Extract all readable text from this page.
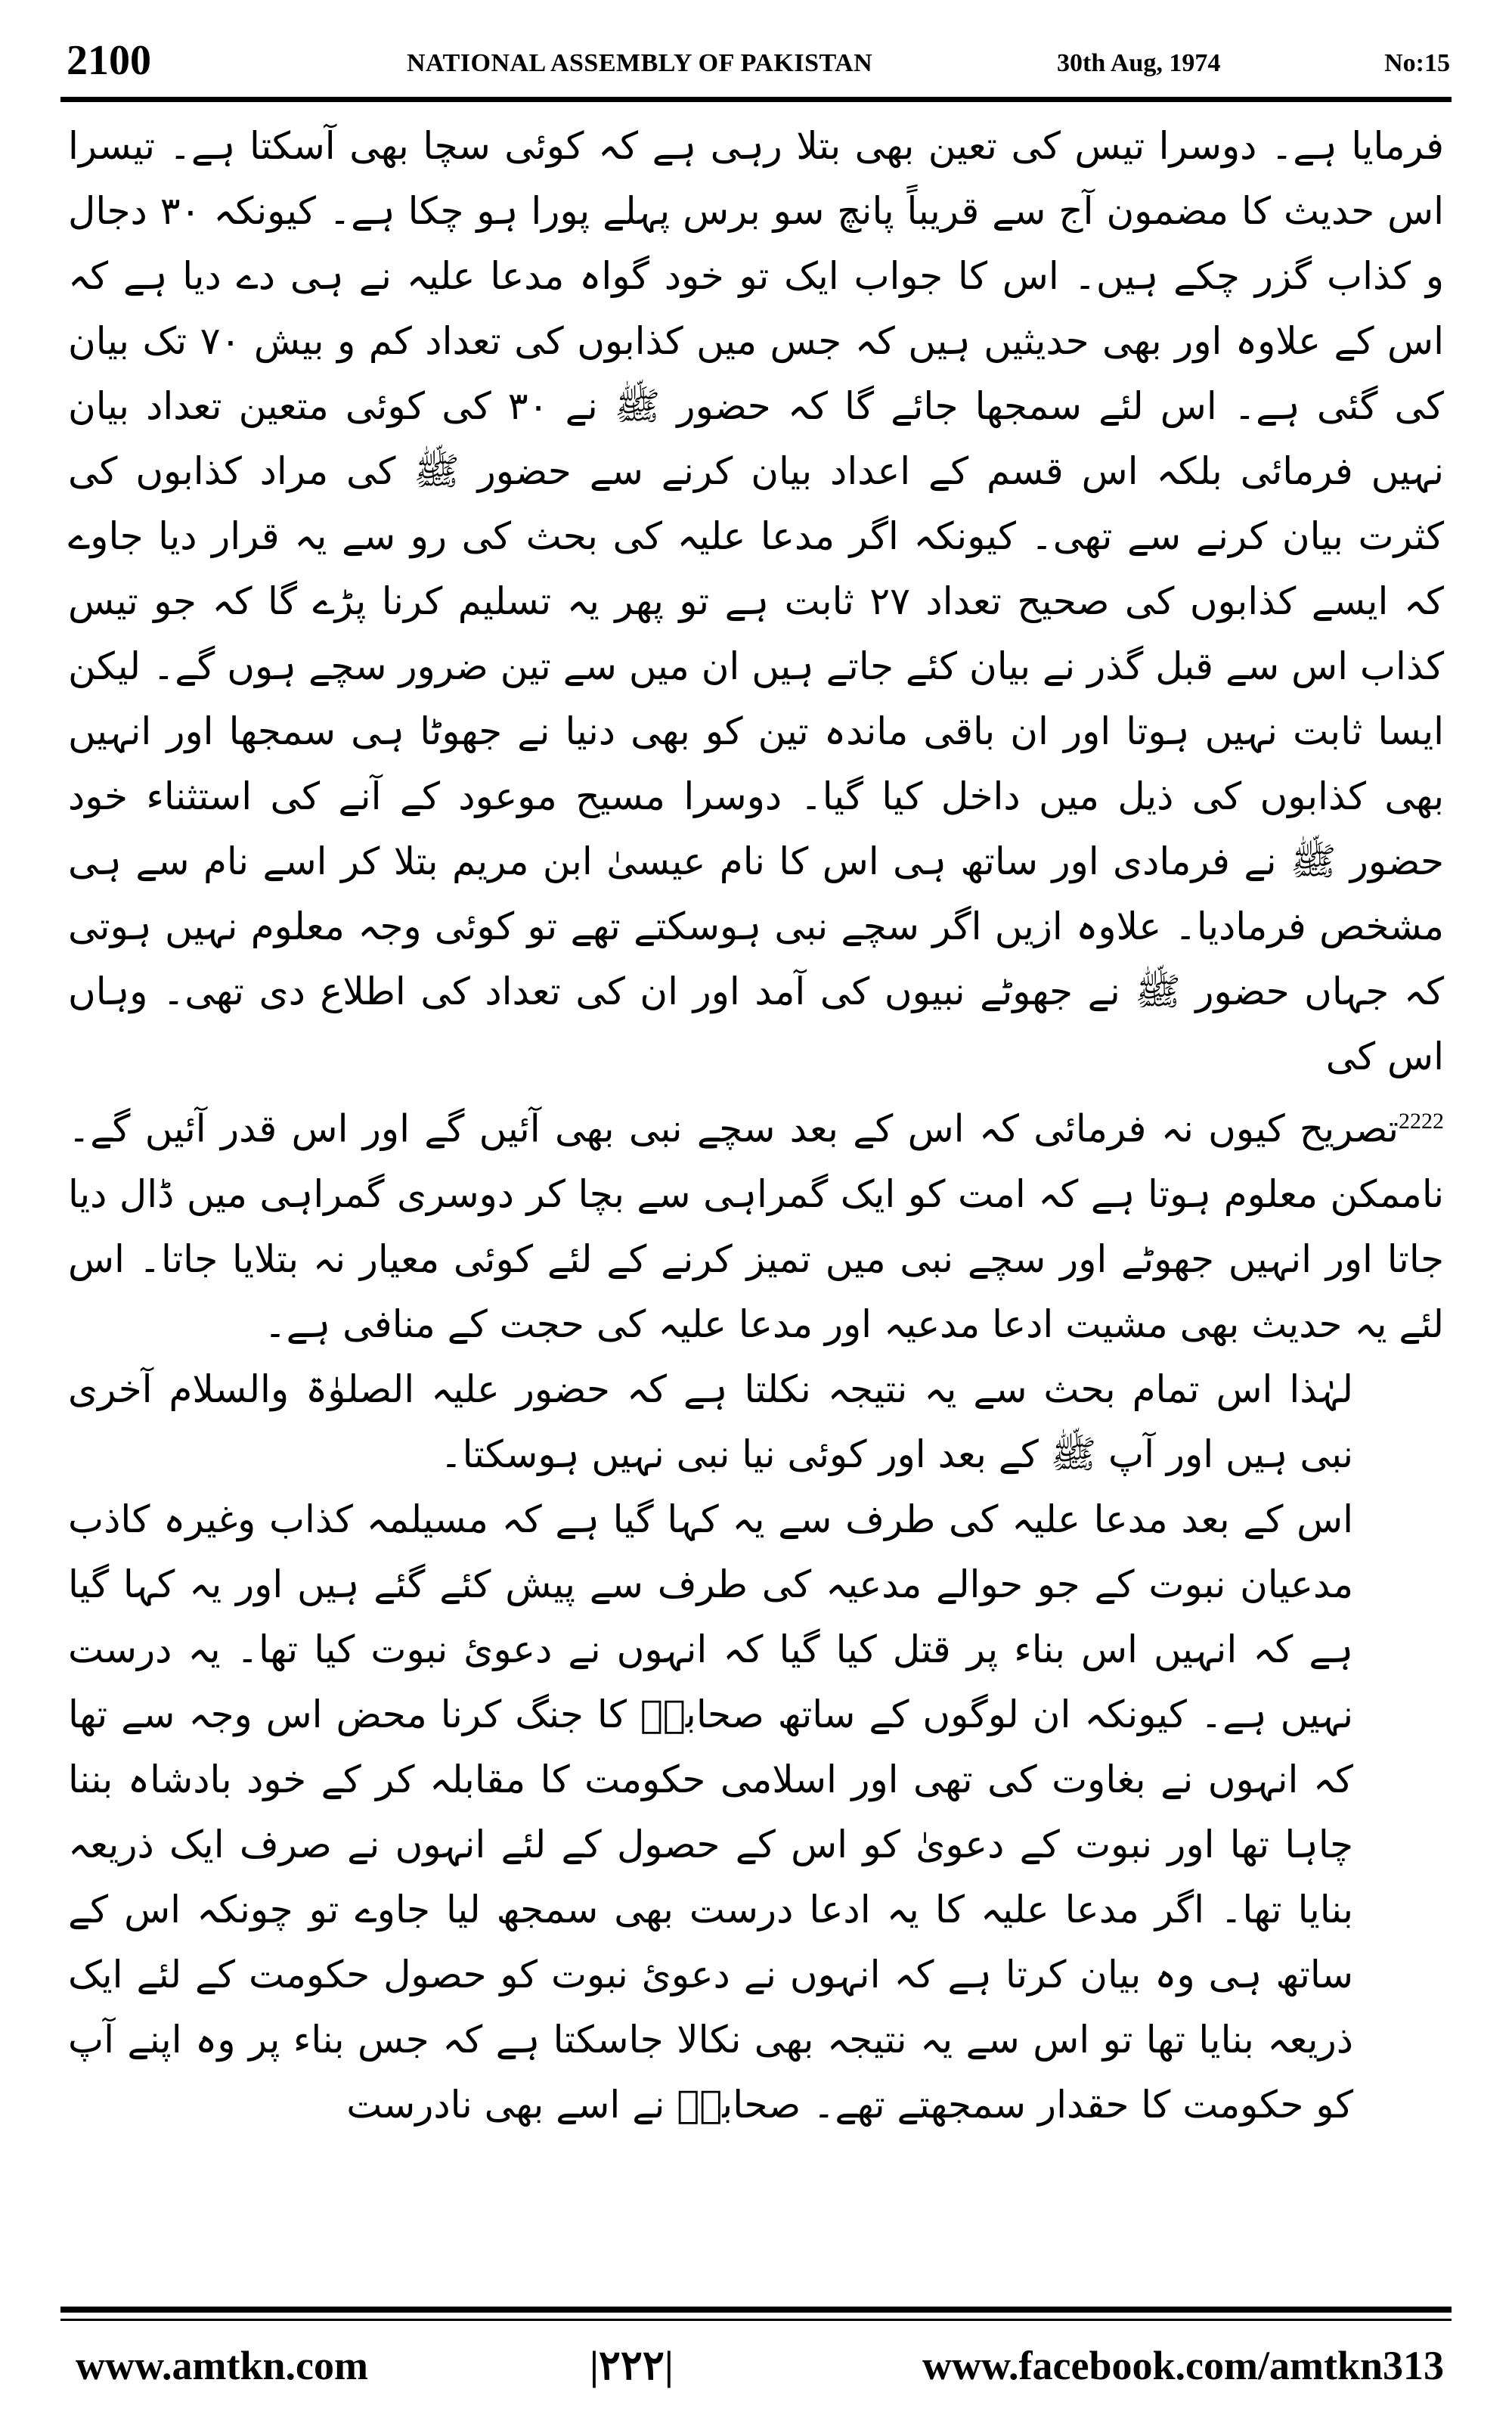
2100	NATIONAL ASSEMBLY OF PAKISTAN	30th Aug, 1974	No:15

فرمایا ہے۔ دوسرا تیس کی تعین بھی بتلا رہی ہے کہ کوئی سچا بھی آسکتا ہے۔ تیسرا اس حدیث کا مضمون آج سے قریباً پانچ سو برس پہلے پورا ہو چکا ہے۔ کیونکہ ۳۰ دجال و کذاب گزر چکے ہیں۔ اس کا جواب ایک تو خود گواہ مدعا علیہ نے ہی دے دیا ہے کہ اس کے علاوہ اور بھی حدیثیں ہیں کہ جس میں کذابوں کی تعداد کم و بیش ۷۰ تک بیان کی گئی ہے۔ اس لئے سمجھا جائے گا کہ حضور ﷺ نے ۳۰ کی کوئی متعین تعداد بیان نہیں فرمائی بلکہ اس قسم کے اعداد بیان کرنے سے حضور ﷺ کی مراد کذابوں کی کثرت بیان کرنے سے تھی۔ کیونکہ اگر مدعا علیہ کی بحث کی رو سے یہ قرار دیا جاوے کہ ایسے کذابوں کی صحیح تعداد ۲۷ ثابت ہے تو پھر یہ تسلیم کرنا پڑے گا کہ جو تیس کذاب اس سے قبل گذر نے بیان کئے جاتے ہیں ان میں سے تین ضرور سچے ہوں گے۔ لیکن ایسا ثابت نہیں ہوتا اور ان باقی ماندہ تین کو بھی دنیا نے جھوٹا ہی سمجھا اور انہیں بھی کذابوں کی ذیل میں داخل کیا گیا۔ دوسرا مسیح موعود کے آنے کی استثناء خود حضور ﷺ نے فرمادی اور ساتھ ہی اس کا نام عیسیٰ ابن مریم بتلا کر اسے نام سے ہی مشخص فرمادیا۔ علاوہ ازیں اگر سچے نبی ہوسکتے تھے تو کوئی وجہ معلوم نہیں ہوتی کہ جہاں حضور ﷺ نے جھوٹے نبیوں کی آمد اور ان کی تعداد کی اطلاع دی تھی۔ وہاں اس کی

$^{2222}$تصریح کیوں نہ فرمائی کہ اس کے بعد سچے نبی بھی آئیں گے اور اس قدر آئیں گے۔ ناممکن معلوم ہوتا ہے کہ امت کو ایک گمراہی سے بچا کر دوسری گمراہی میں ڈال دیا جاتا اور انہیں جھوٹے اور سچے نبی میں تمیز کرنے کے لئے کوئی معیار نہ بتلایا جاتا۔ اس لئے یہ حدیث بھی مشیت ادعا مدعیہ اور مدعا علیہ کی حجت کے منافی ہے۔

لہٰذا اس تمام بحث سے یہ نتیجہ نکلتا ہے کہ حضور علیہ الصلوٰۃ والسلام آخری نبی ہیں اور آپ ﷺ کے بعد اور کوئی نیا نبی نہیں ہوسکتا۔

اس کے بعد مدعا علیہ کی طرف سے یہ کہا گیا ہے کہ مسیلمہ کذاب وغیرہ کاذب مدعیان نبوت کے جو حوالے مدعیہ کی طرف سے پیش کئے گئے ہیں اور یہ کہا گیا ہے کہ انہیں اس بناء پر قتل کیا گیا کہ انہوں نے دعوئ نبوت کیا تھا۔ یہ درست نہیں ہے۔ کیونکہ ان لوگوں کے ساتھ صحابہؓ کا جنگ کرنا محض اس وجہ سے تھا کہ انہوں نے بغاوت کی تھی اور اسلامی حکومت کا مقابلہ کر کے خود بادشاہ بننا چاہا تھا اور نبوت کے دعویٰ کو اس کے حصول کے لئے انہوں نے صرف ایک ذریعہ بنایا تھا۔ اگر مدعا علیہ کا یہ ادعا درست بھی سمجھ لیا جاوے تو چونکہ اس کے ساتھ ہی وہ بیان کرتا ہے کہ انہوں نے دعوئ نبوت کو حصول حکومت کے لئے ایک ذریعہ بنایا تھا تو اس سے یہ نتیجہ بھی نکالا جاسکتا ہے کہ جس بناء پر وہ اپنے آپ کو حکومت کا حقدار سمجھتے تھے۔ صحابہؓ نے اسے بھی نادرست

www.amtkn.com	|۲۲۲|	www.facebook.com/amtkn313
